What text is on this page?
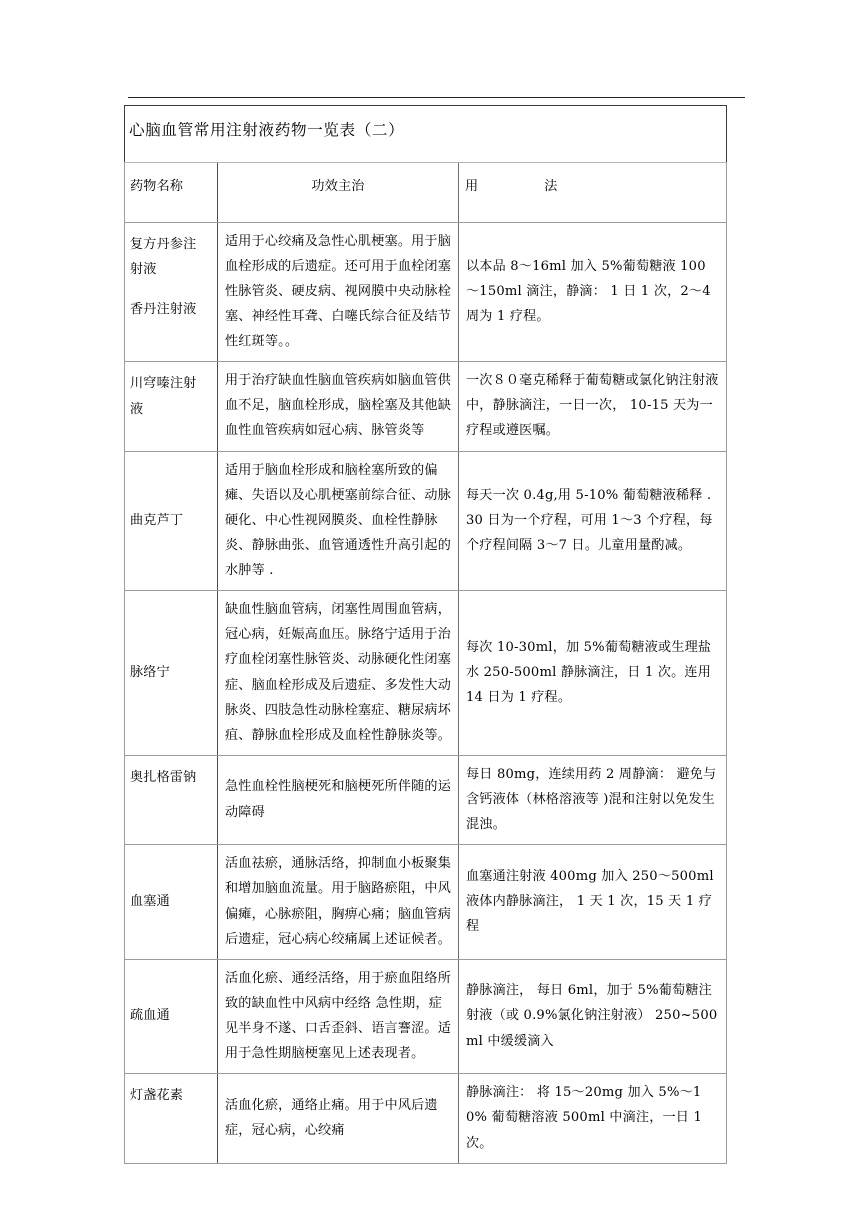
心脑血管常用注射液药物一览表（二）		

药物名称	功效主治	用 法

复方丹参注
射液
香丹注射液	适用于心绞痛及急性心肌梗塞。用于脑血栓形成的后遗症。还可用于血栓闭塞性脉管炎、硬皮病、视网膜中央动脉栓塞、神经性耳聋、白噻氏综合征及结节性红斑等。。	以本品 8～16ml 加入 5%葡萄糖液 100～150ml 滴注，静滴： 1 日 1 次，2～4 周为 1 疗程。

川穹嗪注射
液	用于治疗缺血性脑血管疾病如脑血管供血不足，脑血栓形成，脑栓塞及其他缺血性血管疾病如冠心病、脉管炎等	一次８０毫克稀释于葡萄糖或氯化钠注射液中，静脉滴注，一日一次， 10-15 天为一疗程或遵医嘱。
曲克芦丁	适用于脑血栓形成和脑栓塞所致的偏瘫、失语以及心肌梗塞前综合征、动脉硬化、中心性视网膜炎、血栓性静脉炎、静脉曲张、血管通透性升高引起的水肿等 .	每天一次 0.4g,用 5-10% 葡萄糖液稀释 . 30 日为一个疗程，可用 1～3 个疗程，每个疗程间隔 3～7 日。儿童用量酌减。
脉络宁	缺血性脑血管病，闭塞性周围血管病，冠心病，妊娠高血压。脉络宁适用于治疗血栓闭塞性脉管炎、动脉硬化性闭塞症、脑血栓形成及后遗症、多发性大动脉炎、四肢急性动脉栓塞症、糖尿病坏疽、静脉血栓形成及血栓性静脉炎等。	每次 10-30ml，加 5%葡萄糖液或生理盐水 250-500ml 静脉滴注，日 1 次。连用 14 日为 1 疗程。
奥扎格雷钠	急性血栓性脑梗死和脑梗死所伴随的运动障碍	每日 80mg，连续用药 2 周静滴： 避免与含钙液体（林格溶液等 )混和注射以免发生混浊。
血塞通	活血祛瘀，通脉活络，抑制血小板聚集和增加脑血流量。用于脑路瘀阻，中风偏瘫，心脉瘀阻，胸痹心痛；脑血管病后遗症，冠心病心绞痛属上述证候者。	血塞通注射液 400mg 加入 250～500ml 液体内静脉滴注， 1 天 1 次，15 天 1 疗程
疏血通	活血化瘀、通经活络，用于瘀血阻络所致的缺血性中风病中经络 急性期，症见半身不遂、口舌歪斜、语言謇涩。适用于急性期脑梗塞见上述表现者。	静脉滴注， 每日 6ml，加于 5%葡萄糖注射液（或 0.9%氯化钠注射液） 250~500ml 中缓缓滴入
灯盏花素	活血化瘀，通络止痛。用于中风后遗症，冠心病，心绞痛	静脉滴注： 将 15～20mg 加入 5%～10% 葡萄糖溶液 500ml 中滴注，一日 1 次。
